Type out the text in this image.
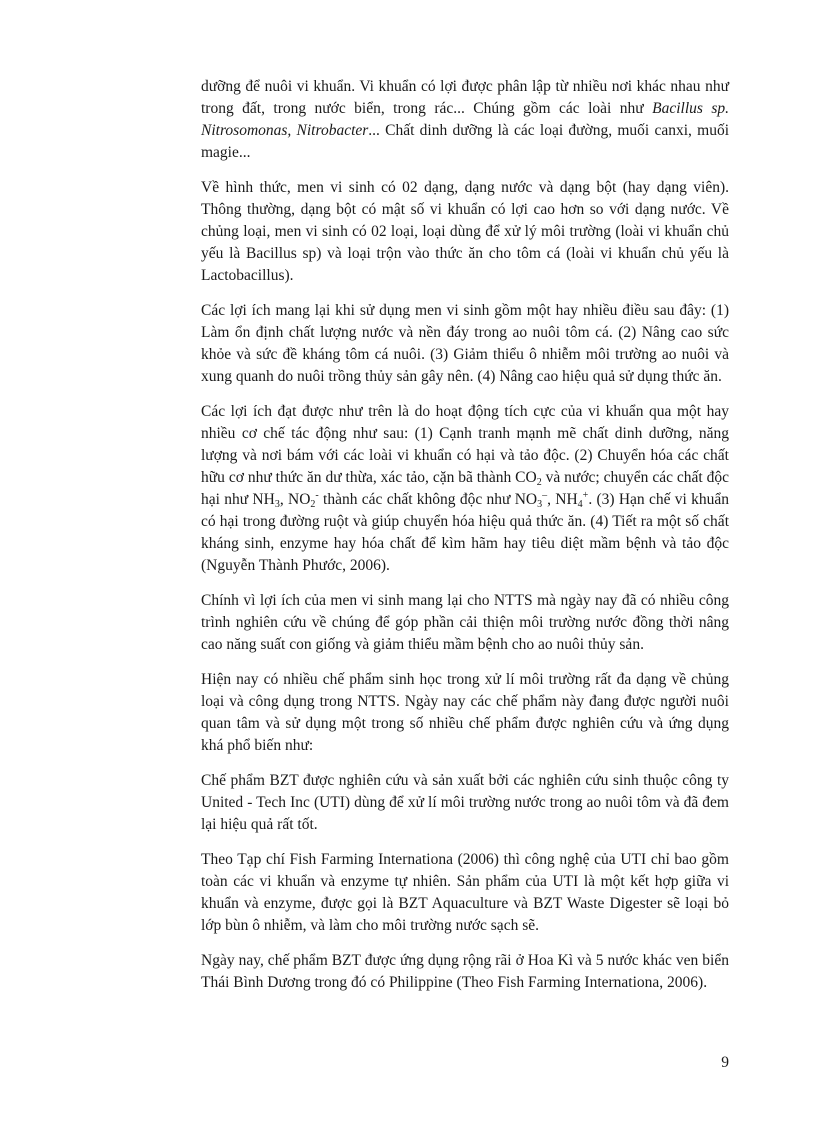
dưỡng để nuôi vi khuẩn. Vi khuẩn có lợi được phân lập từ nhiều nơi khác nhau như trong đất, trong nước biển, trong rác... Chúng gồm các loài như Bacillus sp. Nitrosomonas, Nitrobacter... Chất dinh dưỡng là các loại đường, muối canxi, muối magie...

Về hình thức, men vi sinh có 02 dạng, dạng nước và dạng bột (hay dạng viên). Thông thường, dạng bột có mật số vi khuẩn có lợi cao hơn so với dạng nước. Về chủng loại, men vi sinh có 02 loại, loại dùng để xử lý môi trường (loài vi khuẩn chủ yếu là Bacillus sp) và loại trộn vào thức ăn cho tôm cá (loài vi khuẩn chủ yếu là Lactobacillus).

Các lợi ích mang lại khi sử dụng men vi sinh gồm một hay nhiều điều sau đây: (1) Làm ổn định chất lượng nước và nền đáy trong ao nuôi tôm cá. (2) Nâng cao sức khỏe và sức đề kháng tôm cá nuôi. (3) Giảm thiểu ô nhiễm môi trường ao nuôi và xung quanh do nuôi trồng thủy sản gây nên. (4) Nâng cao hiệu quả sử dụng thức ăn.

Các lợi ích đạt được như trên là do hoạt động tích cực của vi khuẩn qua một hay nhiều cơ chế tác động như sau: (1) Cạnh tranh mạnh mẽ chất dinh dưỡng, năng lượng và nơi bám với các loài vi khuẩn có hại và tảo độc. (2) Chuyển hóa các chất hữu cơ như thức ăn dư thừa, xác tảo, cặn bã thành $CO_2$ và nước; chuyển các chất độc hại như $NH_3$, $NO_2^-$ thành các chất không độc như $NO_3^-$, $NH_4^+$. (3) Hạn chế vi khuẩn có hại trong đường ruột và giúp chuyển hóa hiệu quả thức ăn. (4) Tiết ra một số chất kháng sinh, enzyme hay hóa chất để kìm hãm hay tiêu diệt mầm bệnh và tảo độc (Nguyễn Thành Phước, 2006).

Chính vì lợi ích của men vi sinh mang lại cho NTTS mà ngày nay đã có nhiều công trình nghiên cứu về chúng để góp phần cải thiện môi trường nước đồng thời nâng cao năng suất con giống và giảm thiểu mầm bệnh cho ao nuôi thủy sản.

Hiện nay có nhiều chế phẩm sinh học trong xử lí môi trường rất đa dạng về chủng loại và công dụng trong NTTS. Ngày nay các chế phẩm này đang được người nuôi quan tâm và sử dụng một trong số nhiều chế phẩm được nghiên cứu và ứng dụng khá phổ biến như:

Chế phẩm BZT được nghiên cứu và sản xuất bởi các nghiên cứu sinh thuộc công ty United - Tech Inc (UTI) dùng để xử lí môi trường nước trong ao nuôi tôm và đã đem lại hiệu quả rất tốt.

Theo Tạp chí Fish Farming Internationa (2006) thì công nghệ của UTI chỉ bao gồm toàn các vi khuẩn và enzyme tự nhiên. Sản phẩm của UTI là một kết hợp giữa vi khuẩn và enzyme, được gọi là BZT Aquaculture và BZT Waste Digester sẽ loại bỏ lớp bùn ô nhiễm, và làm cho môi trường nước sạch sẽ.

Ngày nay, chế phẩm BZT được ứng dụng rộng rãi ở Hoa Kì và 5 nước khác ven biển Thái Bình Dương trong đó có Philippine (Theo Fish Farming Internationa, 2006).

9
